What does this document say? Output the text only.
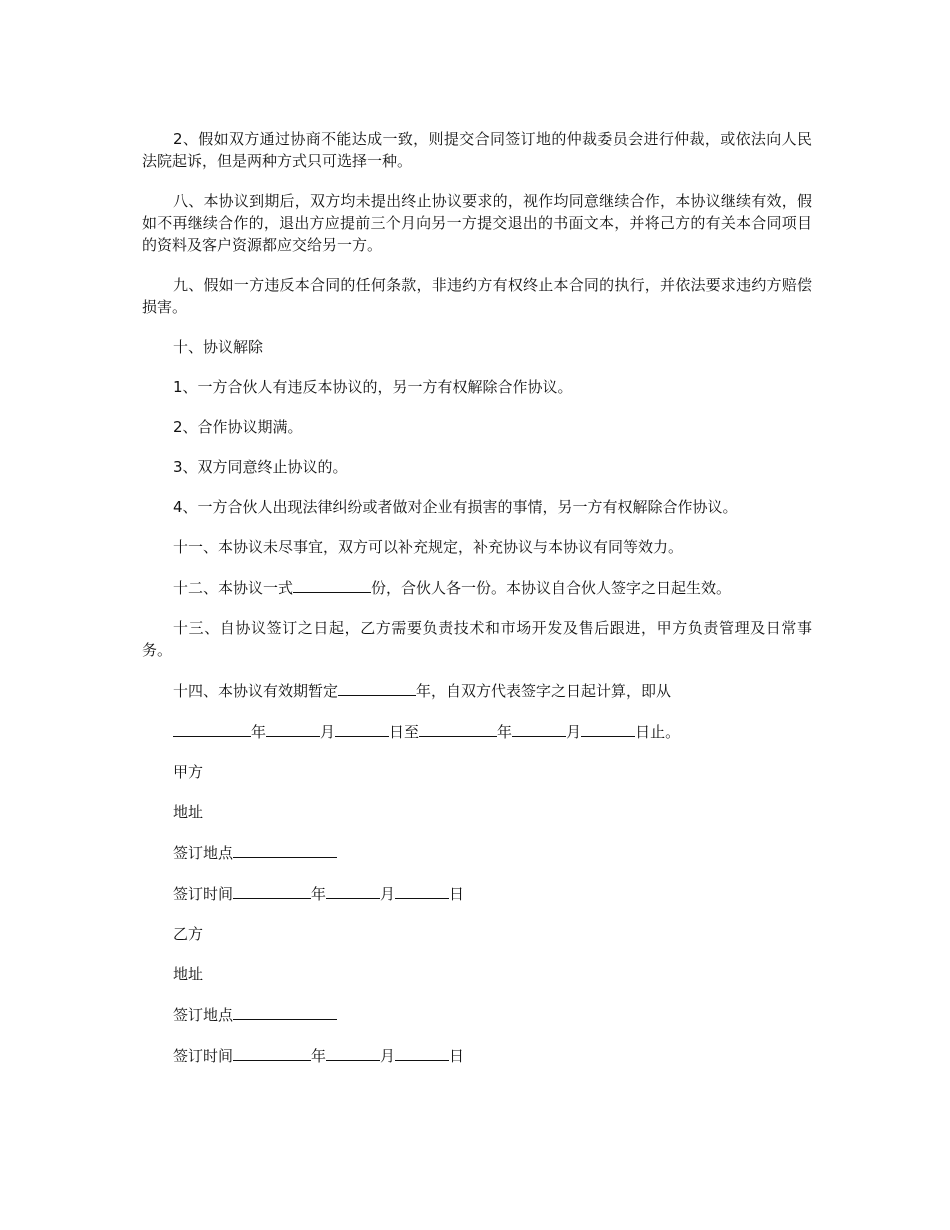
2、假如双方通过协商不能达成一致，则提交合同签订地的仲裁委员会进行仲裁，或依法向人民法院起诉，但是两种方式只可选择一种。

八、本协议到期后，双方均未提出终止协议要求的，视作均同意继续合作，本协议继续有效，假如不再继续合作的，退出方应提前三个月向另一方提交退出的书面文本，并将己方的有关本合同项目的资料及客户资源都应交给另一方。

九、假如一方违反本合同的任何条款，非违约方有权终止本合同的执行，并依法要求违约方赔偿损害。

十、协议解除

1、一方合伙人有违反本协议的，另一方有权解除合作协议。

2、合作协议期满。

3、双方同意终止协议的。

4、一方合伙人出现法律纠纷或者做对企业有损害的事情，另一方有权解除合作协议。

十一、本协议未尽事宜，双方可以补充规定，补充协议与本协议有同等效力。

十二、本协议一式	份，合伙人各一份。本协议自合伙人签字之日起生效。

十三、自协议签订之日起，乙方需要负责技术和市场开发及售后跟进，甲方负责管理及日常事务。

十四、本协议有效期暂定	年，自双方代表签字之日起计算，即从

年	月	日至	年	月	日止。

甲方

地址

签订地点

签订时间	年	月	日

乙方

地址

签订地点

签订时间	年	月	日
